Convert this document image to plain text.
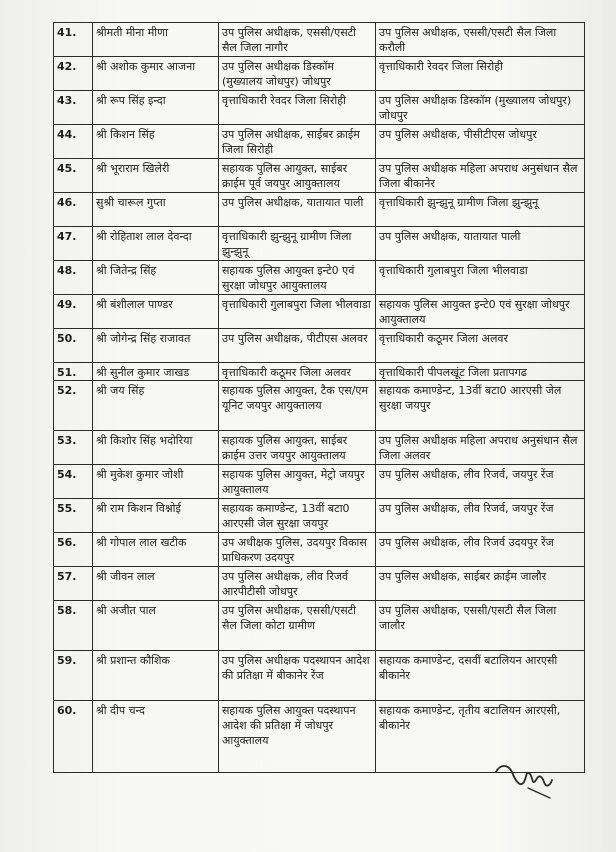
41.	श्रीमती मीना मीणा	उप पुलिस अधीक्षक, एससी/एसटी सैल जिला नागौर	उप पुलिस अधीक्षक, एससी/एसटी सैल जिला करौली
42.	श्री अशोक कुमार आजना	उप पुलिस अधीक्षक डिस्कॉम (मुख्यालय जोधपुर) जोधपुर	वृत्ताधिकारी रेवदर जिला सिरोही
43.	श्री रूप सिंह इन्दा	वृत्ताधिकारी रेवदर जिला सिरोही	उप पुलिस अधीक्षक डिस्कॉम (मुख्यालय जोधपुर) जोधपुर
44.	श्री किशन सिंह	उप पुलिस अधीक्षक, साईबर क्राईम जिला सिरोही	उप पुलिस अधीक्षक, पीसीटीएस जोधपुर
45.	श्री भूराराम खिलेरी	सहायक पुलिस आयुक्त, साईबर क्राईम पूर्व जयपुर आयुक्तालय	उप पुलिस अधीक्षक महिला अपराध अनुसंधान सैल जिला बीकानेर
46.	सुश्री चारूल गुप्ता	उप पुलिस अधीक्षक, यातायात पाली	वृत्ताधिकारी झुन्झुनू ग्रामीण जिला झुन्झुनू
47.	श्री रोहिताश लाल देवन्दा	वृत्ताधिकारी झुन्झुनू ग्रामीण जिला झुन्झुनू	उप पुलिस अधीक्षक, यातायात पाली
48.	श्री जितेन्द्र सिंह	सहायक पुलिस आयुक्त इन्टे0 एवं सुरक्षा जोधपुर आयुक्तालय	वृत्ताधिकारी गुलाबपुरा जिला भीलवाडा
49.	श्री बंशीलाल पाण्डर	वृत्ताधिकारी गुलाबपुरा जिला भीलवाडा	सहायक पुलिस आयुक्त इन्टे0 एवं सुरक्षा जोधपुर आयुक्तालय
50.	श्री जोगेन्द्र सिंह राजावत	उप पुलिस अधीक्षक, पीटीएस अलवर	वृत्ताधिकारी कठूमर जिला अलवर
51.	श्री सुनील कुमार जाखड	वृत्ताधिकारी कठूमर जिला अलवर	वृत्ताधिकारी पीपलखूंट जिला प्रतापगढ
52.	श्री जय सिंह	सहायक पुलिस आयुक्त, टैक एस/एम यूनिट जयपुर आयुक्तालय	सहायक कमाण्डेन्ट, 13वीं बटा0 आरएसी जेल सुरक्षा जयपुर
53.	श्री किशोर सिंह भदोरिया	सहायक पुलिस आयुक्त, साईबर क्राईम उत्तर जयपुर आयुक्तालय	उप पुलिस अधीक्षक महिला अपराध अनुसंधान सैल जिला अलवर
54.	श्री मुकेश कुमार जोशी	सहायक पुलिस आयुक्त, मेट्रो जयपुर आयुक्तालय	उप पुलिस अधीक्षक, लीव रिजर्व, जयपुर रेंज
55.	श्री राम किशन विश्नोई	सहायक कमाण्डेन्ट, 13वीं बटा0 आरएसी जेल सुरक्षा जयपुर	उप पुलिस अधीक्षक, लीव रिजर्व, जयपुर रेंज
56.	श्री गोपाल लाल खटीक	उप अधीक्षक पुलिस, उदयपुर विकास प्राधिकरण उदयपुर	उप पुलिस अधीक्षक, लीव रिजर्व उदयपुर रेंज
57.	श्री जीवन लाल	उप पुलिस अधीक्षक, लीव रिजर्व आरपीटीसी जोधपुर	उप पुलिस अधीक्षक, साईबर क्राईम जालौर
58.	श्री अजीत पाल	उप पुलिस अधीक्षक, एससी/एसटी सैल जिला कोटा ग्रामीण	उप पुलिस अधीक्षक, एससी/एसटी सैल जिला जालौर
59.	श्री प्रशान्त कौशिक	उप पुलिस अधीक्षक पदस्थापन आदेश की प्रतिक्षा में बीकानेर रेंज	सहायक कमाण्डेन्ट, दसवीं बटालियन आरएसी बीकानेर
60.	श्री दीप चन्द	सहायक पुलिस आयुक्त पदस्थापन आदेश की प्रतिक्षा में जोधपुर आयुक्तालय	सहायक कमाण्डेन्ट, तृतीय बटालियन आरएसी, बीकानेर
